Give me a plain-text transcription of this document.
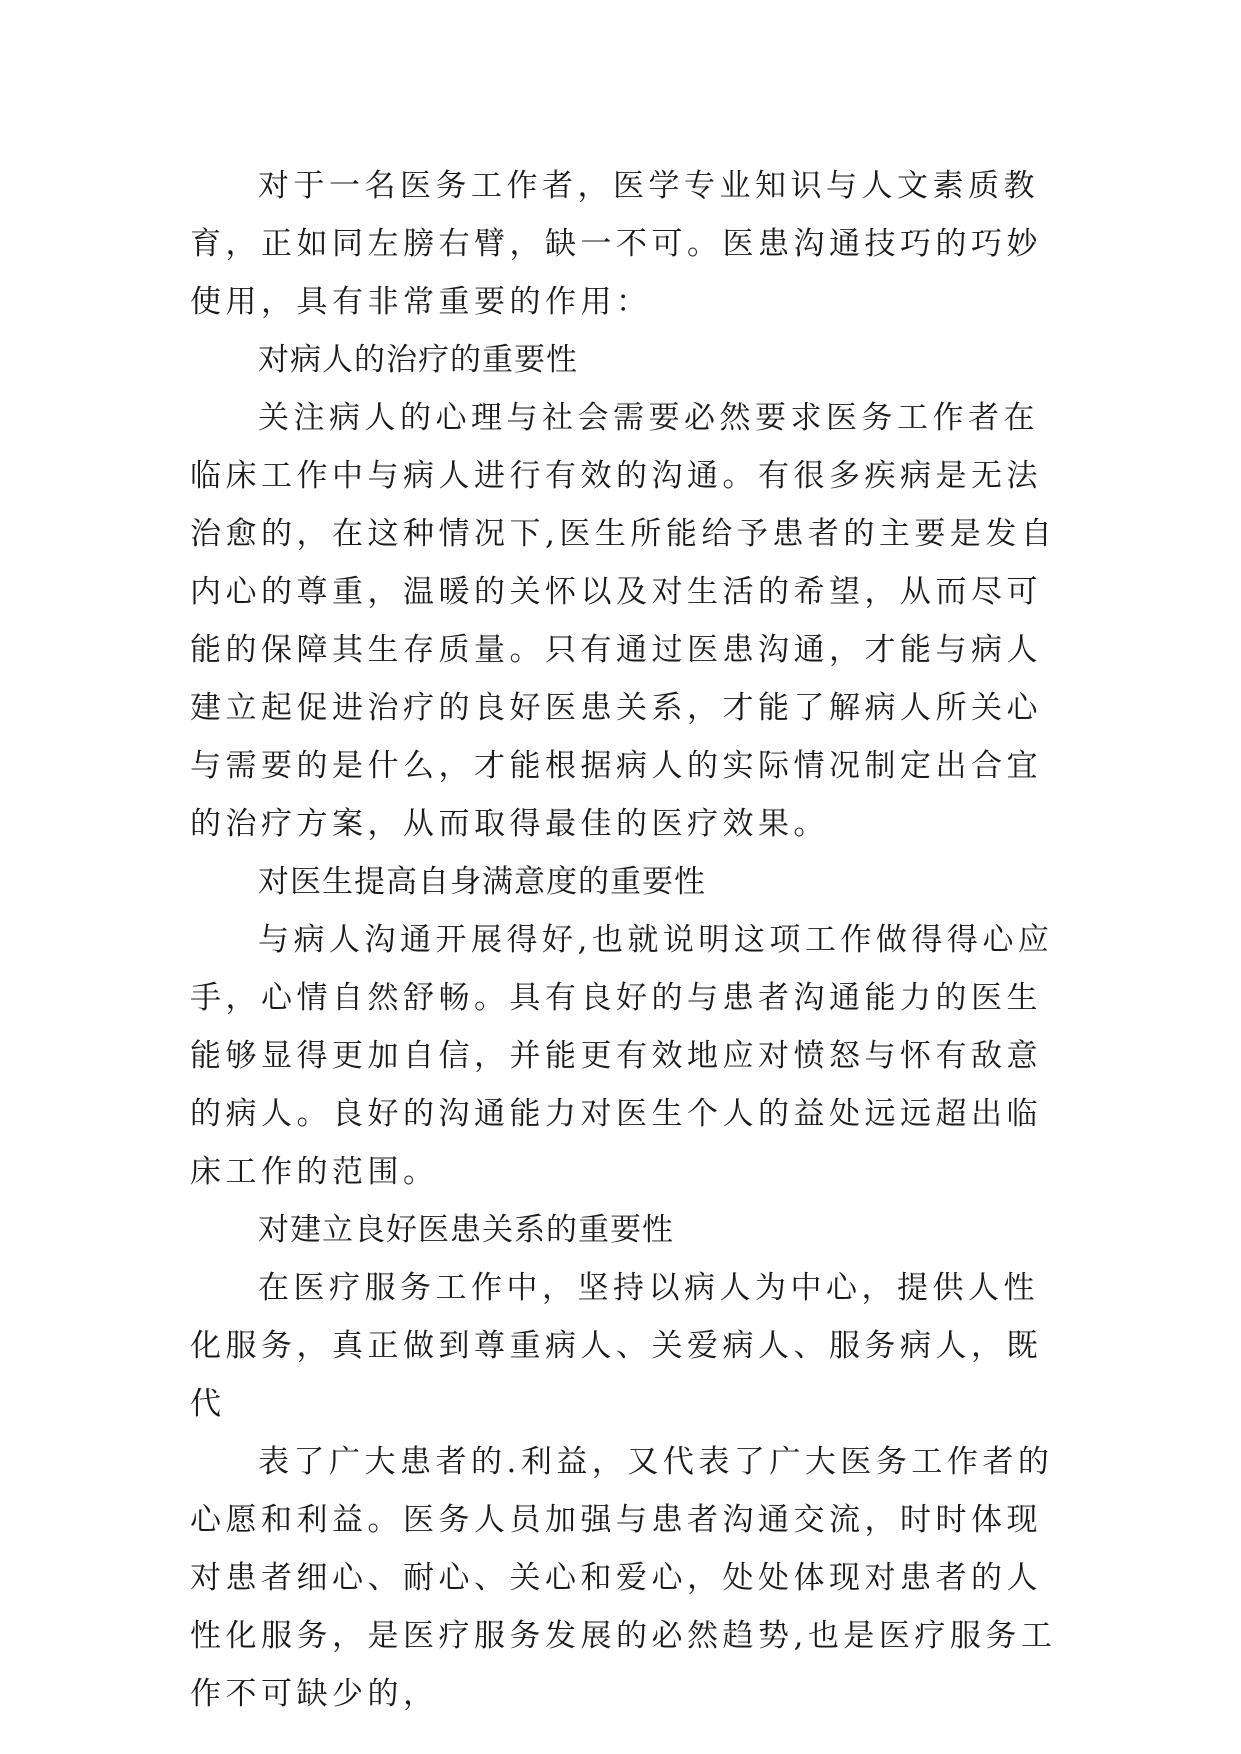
对于一名医务工作者，医学专业知识与人文素质教育，正如同左膀右臂，缺一不可。医患沟通技巧的巧妙使用，具有非常重要的作用：

对病人的治疗的重要性

关注病人的心理与社会需要必然要求医务工作者在临床工作中与病人进行有效的沟通。有很多疾病是无法治愈的，在这种情况下,医生所能给予患者的主要是发自内心的尊重，温暖的关怀以及对生活的希望，从而尽可能的保障其生存质量。只有通过医患沟通，才能与病人建立起促进治疗的良好医患关系，才能了解病人所关心与需要的是什么，才能根据病人的实际情况制定出合宜的治疗方案，从而取得最佳的医疗效果。

对医生提高自身满意度的重要性

与病人沟通开展得好,也就说明这项工作做得得心应手，心情自然舒畅。具有良好的与患者沟通能力的医生能够显得更加自信，并能更有效地应对愤怒与怀有敌意的病人。良好的沟通能力对医生个人的益处远远超出临床工作的范围。

对建立良好医患关系的重要性

在医疗服务工作中，坚持以病人为中心，提供人性化服务，真正做到尊重病人、关爱病人、服务病人，既代

表了广大患者的.利益，又代表了广大医务工作者的心愿和利益。医务人员加强与患者沟通交流，时时体现对患者细心、耐心、关心和爱心，处处体现对患者的人性化服务，是医疗服务发展的必然趋势,也是医疗服务工作不可缺少的，
